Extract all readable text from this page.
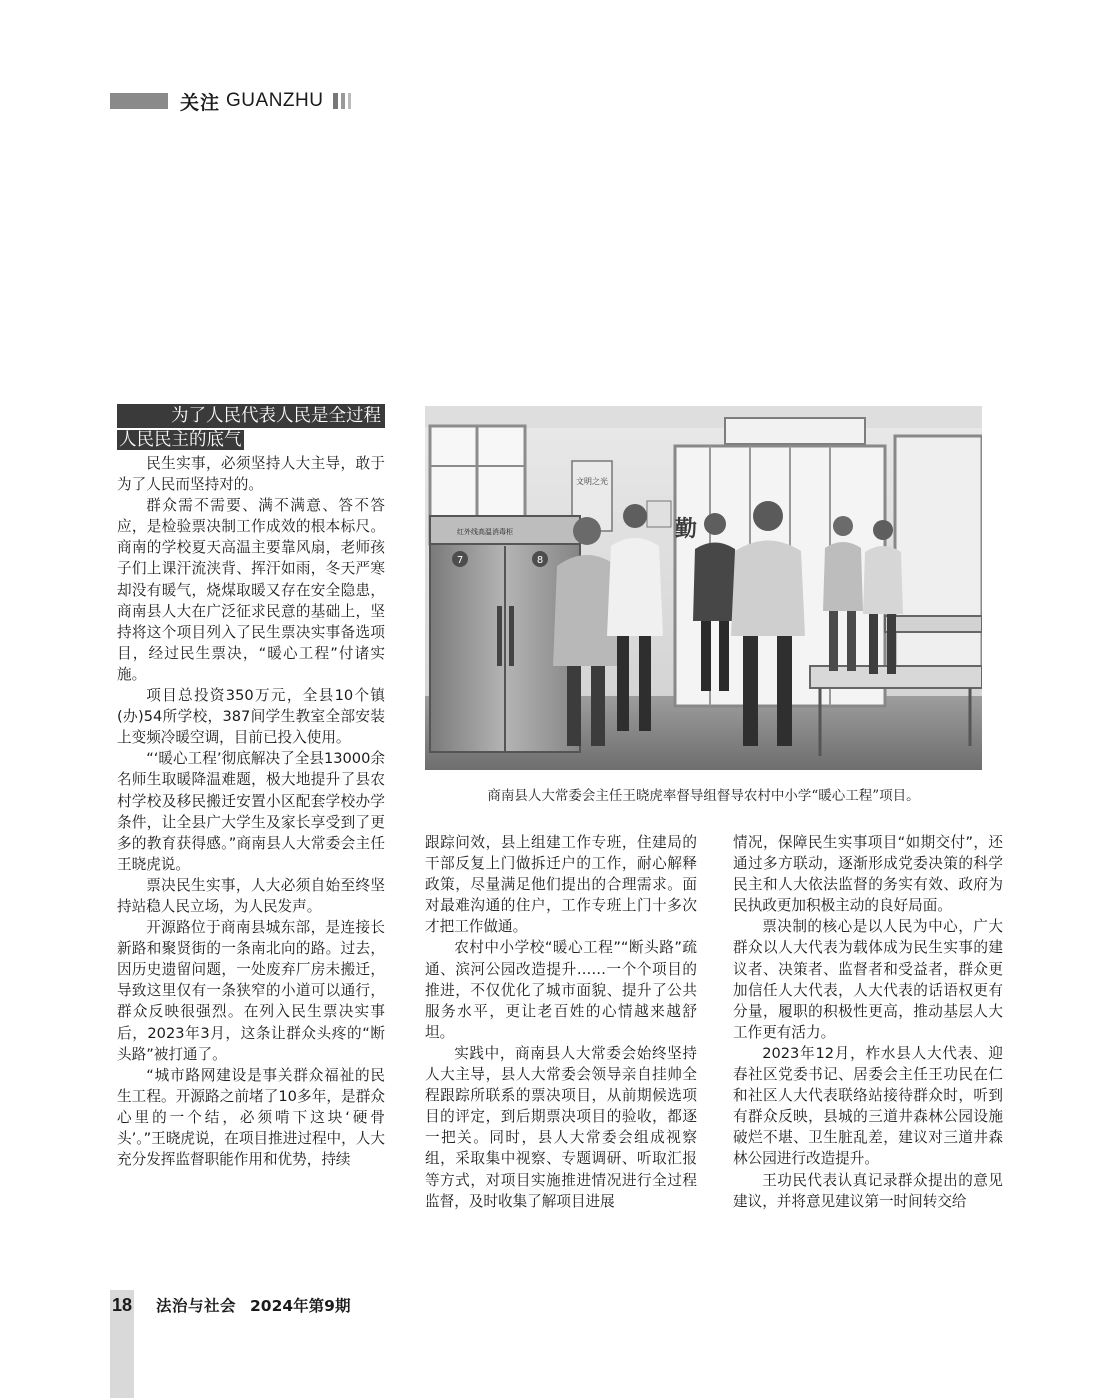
关注 GUANZHU
为了人民代表人民是全过程
人民民主的底气

民生实事，必须坚持人大主导，敢于为了人民而坚持对的。

群众需不需要、满不满意、答不答应，是检验票决制工作成效的根本标尺。商南的学校夏天高温主要靠风扇，老师孩子们上课汗流浃背、挥汗如雨，冬天严寒却没有暖气，烧煤取暖又存在安全隐患，商南县人大在广泛征求民意的基础上，坚持将这个项目列入了民生票决实事备选项目，经过民生票决，“暖心工程”付诸实施。

项目总投资350万元，全县10个镇(办)54所学校，387间学生教室全部安装上变频冷暖空调，目前已投入使用。

“‘暖心工程’彻底解决了全县13000余名师生取暖降温难题，极大地提升了县农村学校及移民搬迁安置小区配套学校办学条件，让全县广大学生及家长享受到了更多的教育获得感。”商南县人大常委会主任王晓虎说。

票决民生实事，人大必须自始至终坚持站稳人民立场，为人民发声。

开源路位于商南县城东部，是连接长新路和聚贤街的一条南北向的路。过去，因历史遗留问题，一处废弃厂房未搬迁，导致这里仅有一条狭窄的小道可以通行，群众反映很强烈。在列入民生票决实事后，2023年3月，这条让群众头疼的“断头路”被打通了。

“城市路网建设是事关群众福祉的民生工程。开源路之前堵了10多年，是群众心里的一个结，必须啃下这块‘硬骨头’。”王晓虎说，在项目推进过程中，人大充分发挥监督职能作用和优势，持续

文明之光
勤
红外线高温消毒柜
7	8
商南县人大常委会主任王晓虎率督导组督导农村中小学“暖心工程”项目。

跟踪问效，县上组建工作专班，住建局的干部反复上门做拆迁户的工作，耐心解释政策，尽量满足他们提出的合理需求。面对最难沟通的住户，工作专班上门十多次才把工作做通。

农村中小学校“暖心工程”“断头路”疏通、滨河公园改造提升……一个个项目的推进，不仅优化了城市面貌、提升了公共服务水平，更让老百姓的心情越来越舒坦。

实践中，商南县人大常委会始终坚持人大主导，县人大常委会领导亲自挂帅全程跟踪所联系的票决项目，从前期候选项目的评定，到后期票决项目的验收，都逐一把关。同时，县人大常委会组成视察组，采取集中视察、专题调研、听取汇报等方式，对项目实施推进情况进行全过程监督，及时收集了解项目进展

情况，保障民生实事项目“如期交付”，还通过多方联动，逐渐形成党委决策的科学民主和人大依法监督的务实有效、政府为民执政更加积极主动的良好局面。

票决制的核心是以人民为中心，广大群众以人大代表为载体成为民生实事的建议者、决策者、监督者和受益者，群众更加信任人大代表，人大代表的话语权更有分量，履职的积极性更高，推动基层人大工作更有活力。

2023年12月，柞水县人大代表、迎春社区党委书记、居委会主任王功民在仁和社区人大代表联络站接待群众时，听到有群众反映，县城的三道井森林公园设施破烂不堪、卫生脏乱差，建议对三道井森林公园进行改造提升。

王功民代表认真记录群众提出的意见建议，并将意见建议第一时间转交给

18 法治与社会 2024年第9期
